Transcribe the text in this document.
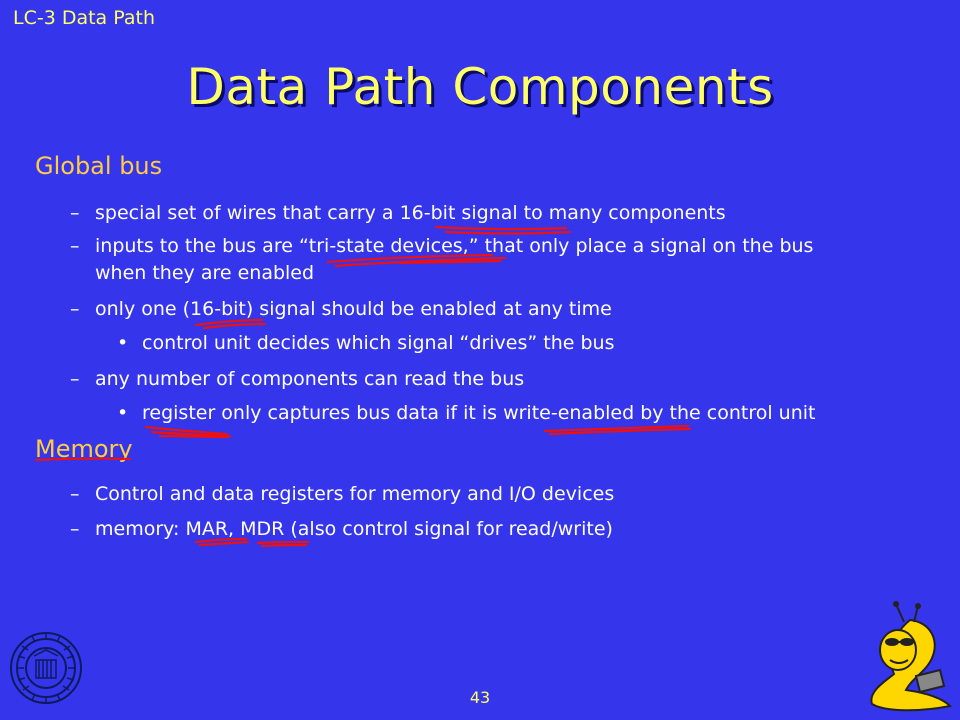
LC-3 Data Path
Data Path Components
Global bus
– special set of wires that carry a 16-bit signal to many components
– inputs to the bus are “tri-state devices,” that only place a signal on the bus
when they are enabled
– only one (16-bit) signal should be enabled at any time
• control unit decides which signal “drives” the bus
– any number of components can read the bus
• register only captures bus data if it is write-enabled by the control unit
Memory
– Control and data registers for memory and I/O devices
– memory: MAR, MDR (also control signal for read/write)
43
